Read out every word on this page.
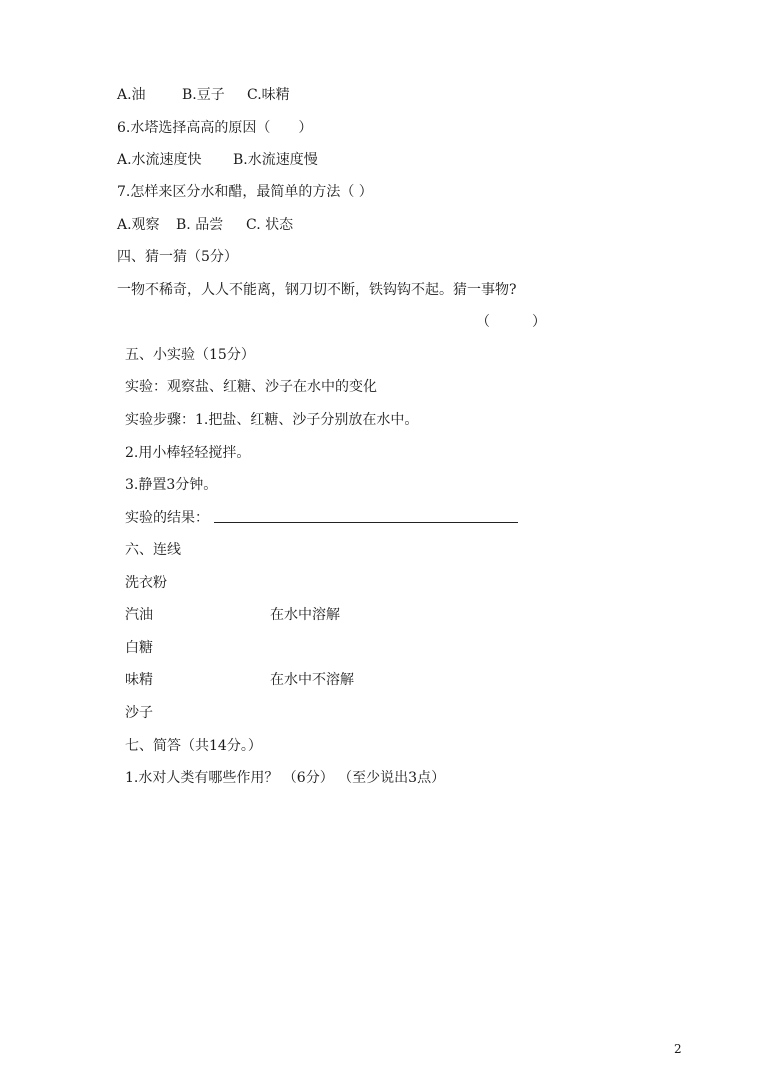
A.油	B.豆子 C.味精
6.水塔选择高高的原因（　　）
A.水流速度快 B.水流速度慢
7.怎样来区分水和醋，最简单的方法（ ）
A.观察 B. 品尝 C. 状态
四、猜一猜（5分）
一物不稀奇，人人不能离，钢刀切不断，铁钩钩不起。猜一事物?
（　　　）
五、小实验（15分）
实验：观察盐、红糖、沙子在水中的变化
实验步骤：1.把盐、红糖、沙子分别放在水中。
2.用小棒轻轻搅拌。
3.静置3分钟。
实验的结果：
六、连线
洗衣粉
汽油	在水中溶解
白糖
味精	在水中不溶解
沙子
七、简答（共14分。）
1.水对人类有哪些作用？ （6分） （至少说出3点）
2
